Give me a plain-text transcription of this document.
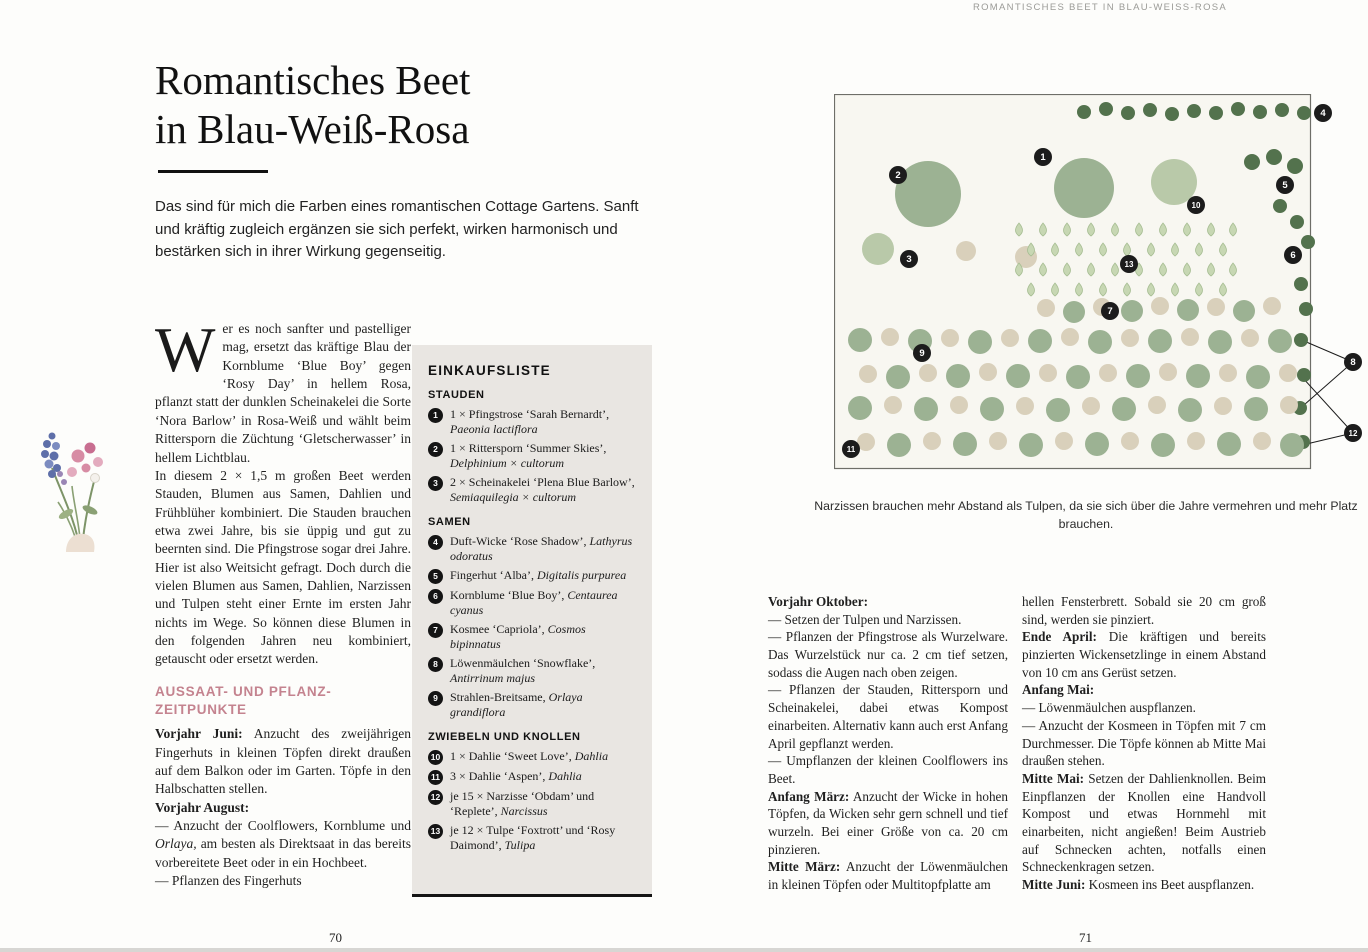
ROMANTISCHES BEET IN BLAU-WEISS-ROSA
Romantisches Beet
in Blau-Weiß-Rosa

Das sind für mich die Farben eines romantischen Cottage Gartens. Sanft und kräftig zugleich ergänzen sie sich perfekt, wirken harmonisch und bestärken sich in ihrer Wirkung gegenseitig.

Wer es noch sanfter und pastelliger mag, ersetzt das kräftige Blau der Kornblume ‘Blue Boy’ gegen ‘Rosy Day’ in hellem Rosa, pflanzt statt der dunklen Scheinakelei die Sorte ‘Nora Barlow’ in Rosa-Weiß und wählt beim Rittersporn die Züchtung ‘Gletscherwasser’ in hellem Lichtblau.

In diesem 2 × 1,5 m großen Beet werden Stauden, Blumen aus Samen, Dahlien und Frühblüher kombiniert. Die Stauden brauchen etwa zwei Jahre, bis sie üppig und gut zu beernten sind. Die Pfingstrose sogar drei Jahre. Hier ist also Weitsicht gefragt. Doch durch die vielen Blumen aus Samen, Dahlien, Narzissen und Tulpen steht einer Ernte im ersten Jahr nichts im Wege. So können diese Blumen in den folgenden Jahren neu kombiniert, getauscht oder ersetzt werden.

AUSSAAT- UND PFLANZ-
ZEITPUNKTE

Vorjahr Juni: Anzucht des zweijährigen Fingerhuts in kleinen Töpfen direkt draußen auf dem Balkon oder im Garten. Töpfe in den Halbschatten stellen.

Vorjahr August:

— Anzucht der Coolflowers, Kornblume und Orlaya, am besten als Direktsaat in das bereits vorbereitete Beet oder in ein Hochbeet.

— Pflanzen des Fingerhuts

EINKAUFSLISTE
STAUDEN
1	1 × Pfingstrose ‘Sarah Bernardt’, Paeonia lactiflora
2	1 × Rittersporn ‘Summer Skies’, Delphinium × cultorum
3	2 × Scheinakelei ‘Plena Blue Barlow’, Semiaquilegia × cultorum
SAMEN
4	Duft-Wicke ‘Rose Shadow’, Lathyrus odoratus
5	Fingerhut ‘Alba’, Digitalis purpurea
6	Kornblume ‘Blue Boy’, Centaurea cyanus
7	Kosmee ‘Capriola’, Cosmos bipinnatus
8	Löwenmäulchen ‘Snowflake’, Antirrinum majus
9	Strahlen-Breitsame, Orlaya grandiflora
ZWIEBELN UND KNOLLEN
10 1 × Dahlie ‘Sweet Love’, Dahlia
11 3 × Dahlie ‘Aspen’, Dahlia
12 je 15 × Narzisse ‘Obdam’ und ‘Replete’, Narcissus
13 je 12 × Tulpe ‘Foxtrott’ und ‘Rosy Daimond’, Tulipa
1
2
3
4
5
6
7
8
9
10
11
12
13
Narzissen brauchen mehr Abstand als Tulpen, da sie sich über die Jahre vermehren und mehr Platz brauchen.

Vorjahr Oktober:

— Setzen der Tulpen und Narzissen.

— Pflanzen der Pfingstrose als Wurzelware. Das Wurzelstück nur ca. 2 cm tief setzen, sodass die Augen nach oben zeigen.

— Pflanzen der Stauden, Rittersporn und Scheinakelei, dabei etwas Kompost einarbeiten. Alternativ kann auch erst Anfang April gepflanzt werden.

— Umpflanzen der kleinen Coolflowers ins Beet.

Anfang März: Anzucht der Wicke in hohen Töpfen, da Wicken sehr gern schnell und tief wurzeln. Bei einer Größe von ca. 20 cm pinzieren.

Mitte März: Anzucht der Löwenmäulchen in kleinen Töpfen oder Multitopfplatte am

hellen Fensterbrett. Sobald sie 20 cm groß sind, werden sie pinziert.

Ende April: Die kräftigen und bereits pinzierten Wickensetzlinge in einem Abstand von 10 cm ans Gerüst setzen.

Anfang Mai:

— Löwenmäulchen auspflanzen.

— Anzucht der Kosmeen in Töpfen mit 7 cm Durchmesser. Die Töpfe können ab Mitte Mai draußen stehen.

Mitte Mai: Setzen der Dahlienknollen. Beim Einpflanzen der Knollen eine Handvoll Kompost und etwas Hornmehl mit einarbeiten, nicht angießen! Beim Austrieb auf Schnecken achten, notfalls einen Schneckenkragen setzen.

Mitte Juni: Kosmeen ins Beet auspflanzen.

70	71
